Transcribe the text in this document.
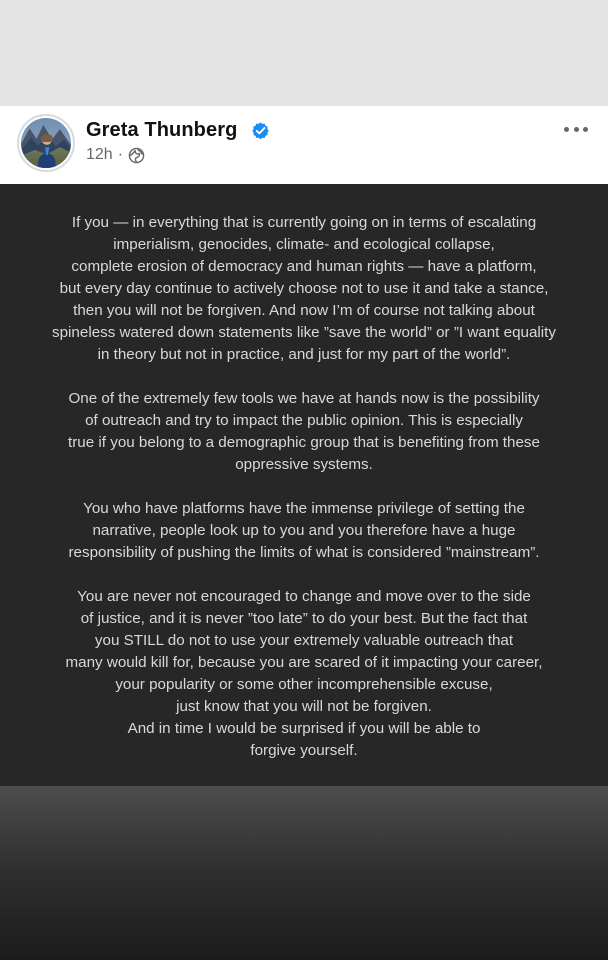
Greta Thunberg
12h ·
If you — in everything that is currently going on in terms of escalating
imperialism, genocides, climate- and ecological collapse,
complete erosion of democracy and human rights — have a platform,
but every day continue to actively choose not to use it and take a stance,
then you will not be forgiven. And now I’m of course not talking about
spineless watered down statements like ”save the world” or ”I want equality
in theory but not in practice, and just for my part of the world”.
One of the extremely few tools we have at hands now is the possibility
of outreach and try to impact the public opinion. This is especially
true if you belong to a demographic group that is benefiting from these
oppressive systems.
You who have platforms have the immense privilege of setting the
narrative, people look up to you and you therefore have a huge
responsibility of pushing the limits of what is considered ”mainstream”.
You are never not encouraged to change and move over to the side
of justice, and it is never ”too late” to do your best. But the fact that
you STILL do not to use your extremely valuable outreach that
many would kill for, because you are scared of it impacting your career,
your popularity or some other incomprehensible excuse,
just know that you will not be forgiven.
And in time I would be surprised if you will be able to
forgive yourself.
